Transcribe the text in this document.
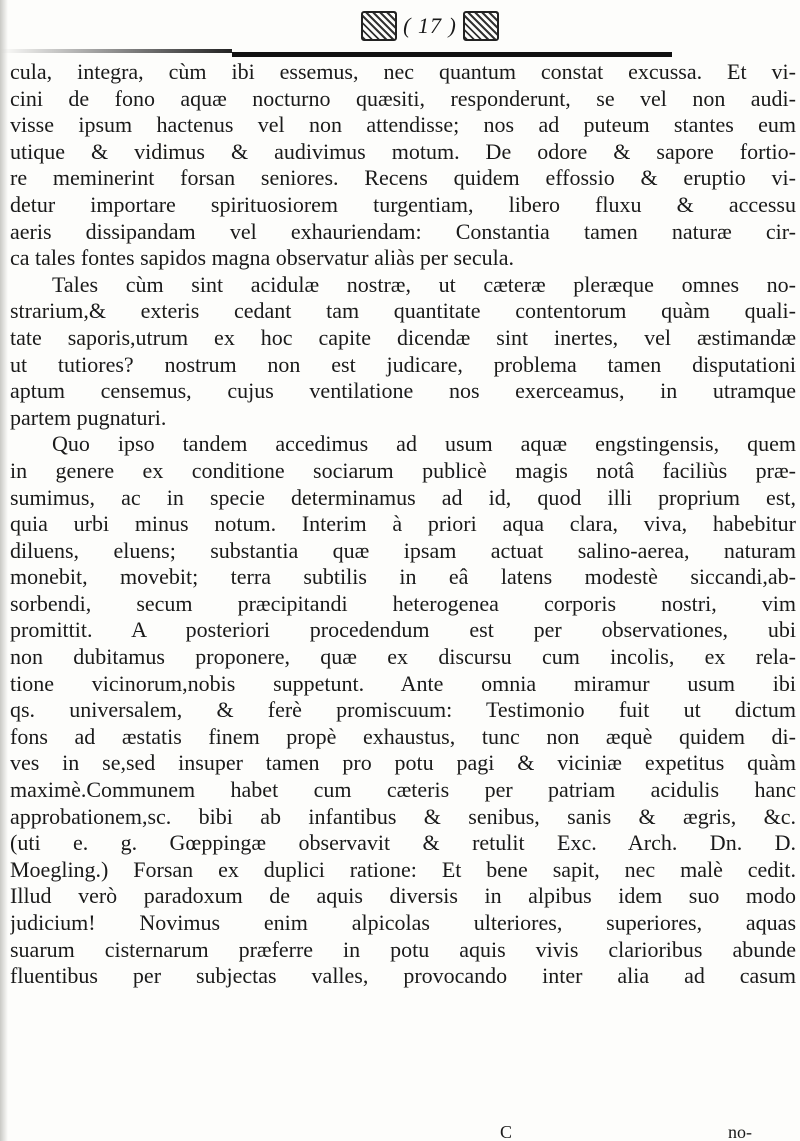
( 17 )
cula, integra, cùm ibi essemus, nec quantum constat excussa. Et vi-
cini de fono aquæ nocturno quæsiti, responderunt, se vel non audi-
visse ipsum hactenus vel non attendisse; nos ad puteum stantes eum
utique & vidimus & audivimus motum. De odore & sapore fortio-
re meminerint forsan seniores. Recens quidem effossio & eruptio vi-
detur importare spirituosiorem turgentiam, libero fluxu & accessu
aeris dissipandam vel exhauriendam: Constantia tamen naturæ cir-
ca tales fontes sapidos magna observatur aliàs per secula.
Tales cùm sint acidulæ nostræ, ut cæteræ pleræque omnes no-
strarium,& exteris cedant tam quantitate contentorum quàm quali-
tate saporis,utrum ex hoc capite dicendæ sint inertes, vel æstimandæ
ut tutiores? nostrum non est judicare, problema tamen disputationi
aptum censemus, cujus ventilatione nos exerceamus, in utramque
partem pugnaturi.
Quo ipso tandem accedimus ad usum aquæ engstingensis, quem
in genere ex conditione sociarum publicè magis notâ faciliùs præ-
sumimus, ac in specie determinamus ad id, quod illi proprium est,
quia urbi minus notum. Interim à priori aqua clara, viva, habebitur
diluens, eluens; substantia quæ ipsam actuat salino-aerea, naturam
monebit, movebit; terra subtilis in eâ latens modestè siccandi,ab-
sorbendi, secum præcipitandi heterogenea corporis nostri, vim
promittit. A posteriori procedendum est per observationes, ubi
non dubitamus proponere, quæ ex discursu cum incolis, ex rela-
tione vicinorum,nobis suppetunt. Ante omnia miramur usum ibi
qs. universalem, & ferè promiscuum: Testimonio fuit ut dictum
fons ad æstatis finem propè exhaustus, tunc non æquè quidem di-
ves in se,sed insuper tamen pro potu pagi & viciniæ expetitus quàm
maximè.Communem habet cum cæteris per patriam acidulis hanc
approbationem,sc. bibi ab infantibus & senibus, sanis & ægris, &c.
(uti e. g. Gœppingæ observavit & retulit Exc. Arch. Dn. D.
Moegling.) Forsan ex duplici ratione: Et bene sapit, nec malè cedit.
Illud verò paradoxum de aquis diversis in alpibus idem suo modo
judicium! Novimus enim alpicolas ulteriores, superiores, aquas
suarum cisternarum præferre in potu aquis vivis clarioribus abunde
fluentibus per subjectas valles, provocando inter alia ad casum
C	no-
